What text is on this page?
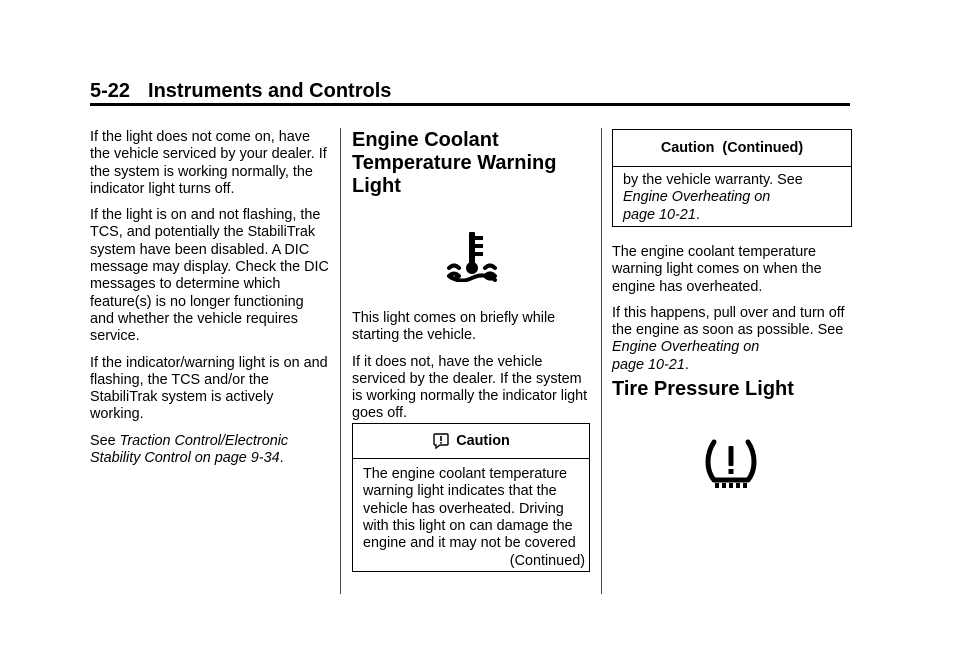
5-22 Instruments and Controls

If the light does not come on, have the vehicle serviced by your dealer. If the system is working normally, the indicator light turns off.

If the light is on and not flashing, the TCS, and potentially the StabiliTrak system have been disabled. A DIC message may display. Check the DIC messages to determine which feature(s) is no longer functioning and whether the vehicle requires service.

If the indicator/warning light is on and flashing, the TCS and/or the StabiliTrak system is actively working.

See Traction Control/Electronic Stability Control on page 9-34.

Engine Coolant
Temperature Warning
Light

This light comes on briefly while starting the vehicle.

If it does not, have the vehicle serviced by the dealer. If the system is working normally the indicator light goes off.

Caution
The engine coolant temperature warning light indicates that the vehicle has overheated. Driving with this light on can damage the engine and it may not be covered
(Continued)
Caution  (Continued)
by the vehicle warranty. See
Engine Overheating on
page 10-21.

The engine coolant temperature warning light comes on when the engine has overheated.

If this happens, pull over and turn off the engine as soon as possible. See Engine Overheating on
page 10-21.

Tire Pressure Light
